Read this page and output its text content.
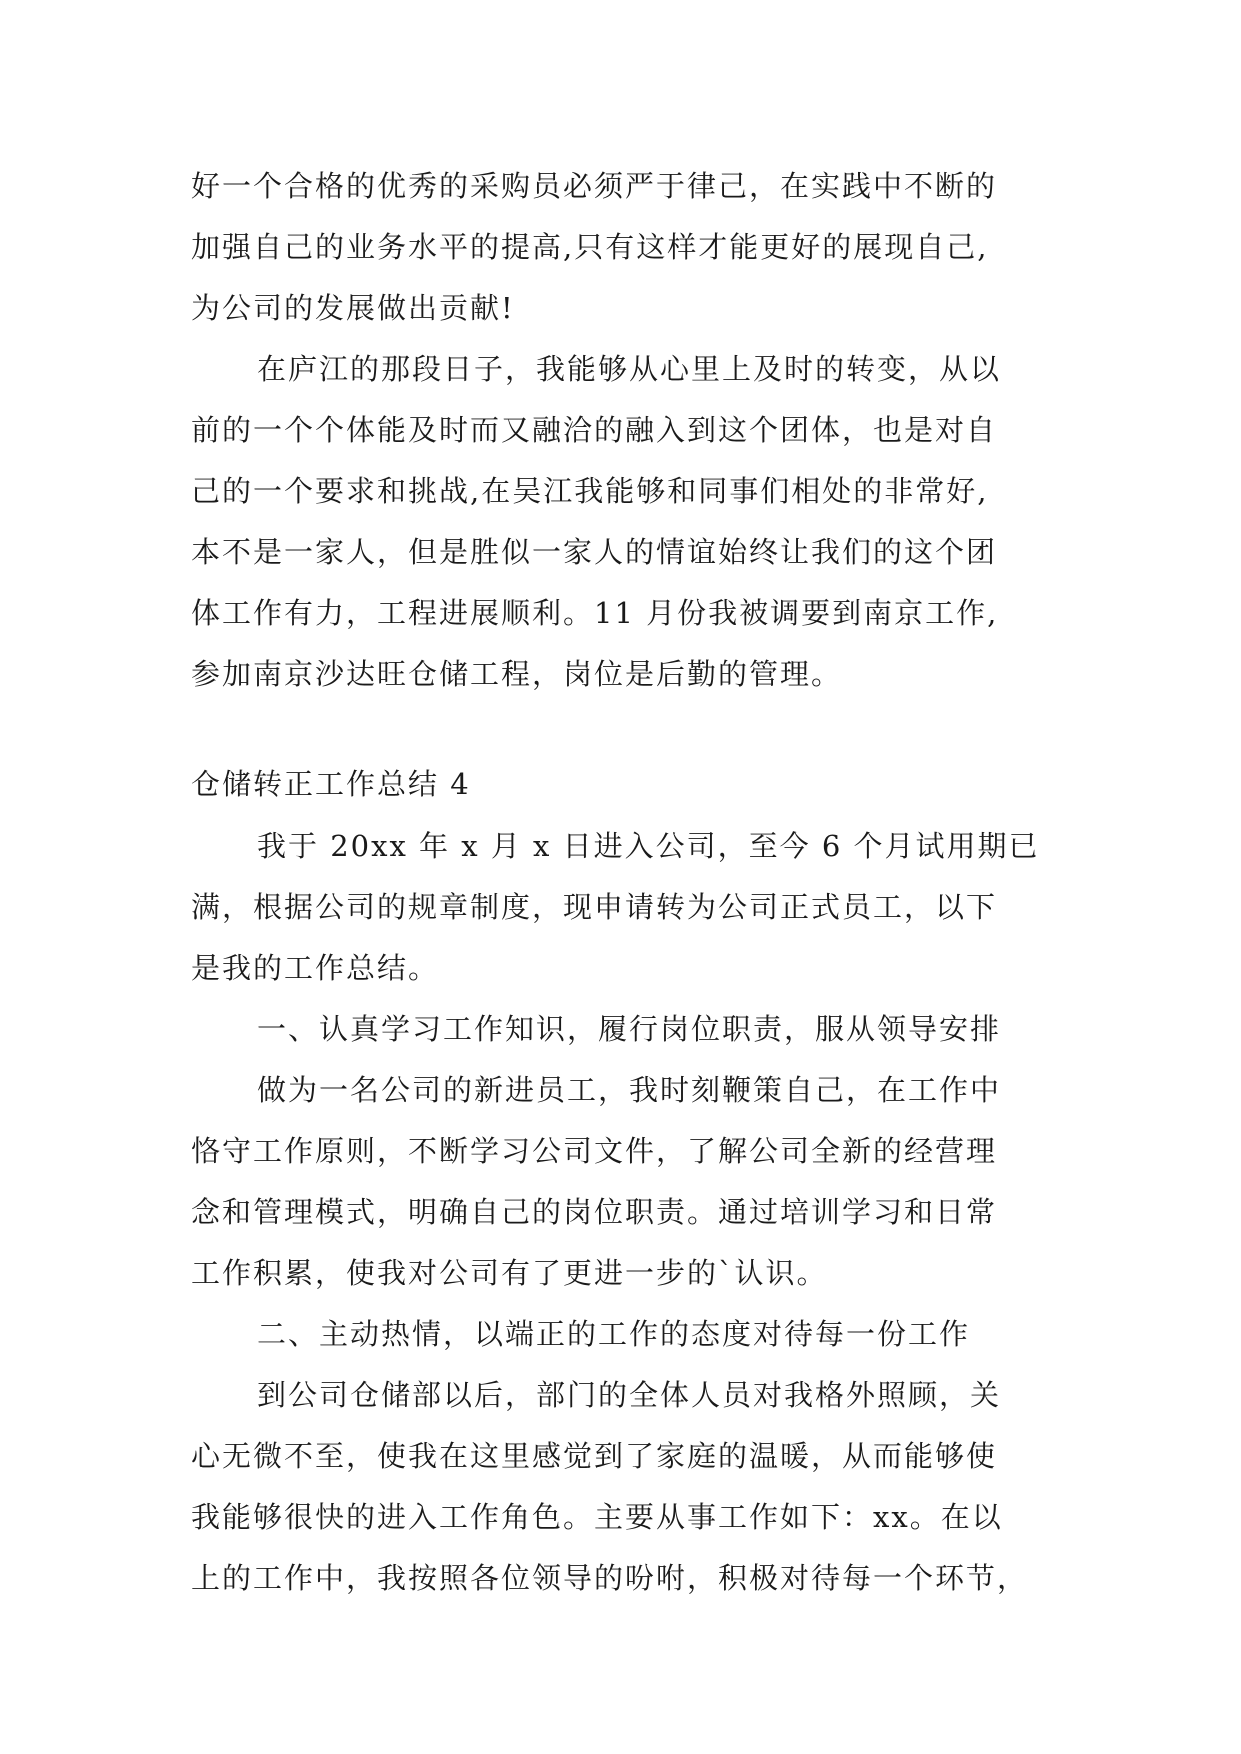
好一个合格的优秀的采购员必须严于律己，在实践中不断的
加强自己的业务水平的提高,只有这样才能更好的展现自己,
为公司的发展做出贡献!
在庐江的那段日子，我能够从心里上及时的转变，从以
前的一个个体能及时而又融洽的融入到这个团体，也是对自
己的一个要求和挑战,在吴江我能够和同事们相处的非常好,
本不是一家人，但是胜似一家人的情谊始终让我们的这个团
体工作有力，工程进展顺利。11 月份我被调要到南京工作,
参加南京沙达旺仓储工程，岗位是后勤的管理。
仓储转正工作总结 4
我于 20xx 年 x 月 x 日进入公司，至今 6 个月试用期已
满，根据公司的规章制度，现申请转为公司正式员工，以下
是我的工作总结。
一、认真学习工作知识，履行岗位职责，服从领导安排
做为一名公司的新进员工，我时刻鞭策自己，在工作中
恪守工作原则，不断学习公司文件，了解公司全新的经营理
念和管理模式，明确自己的岗位职责。通过培训学习和日常
工作积累，使我对公司有了更进一步的`认识。
二、主动热情，以端正的工作的态度对待每一份工作
到公司仓储部以后，部门的全体人员对我格外照顾，关
心无微不至，使我在这里感觉到了家庭的温暖，从而能够使
我能够很快的进入工作角色。主要从事工作如下：xx。在以
上的工作中，我按照各位领导的吩咐，积极对待每一个环节，
